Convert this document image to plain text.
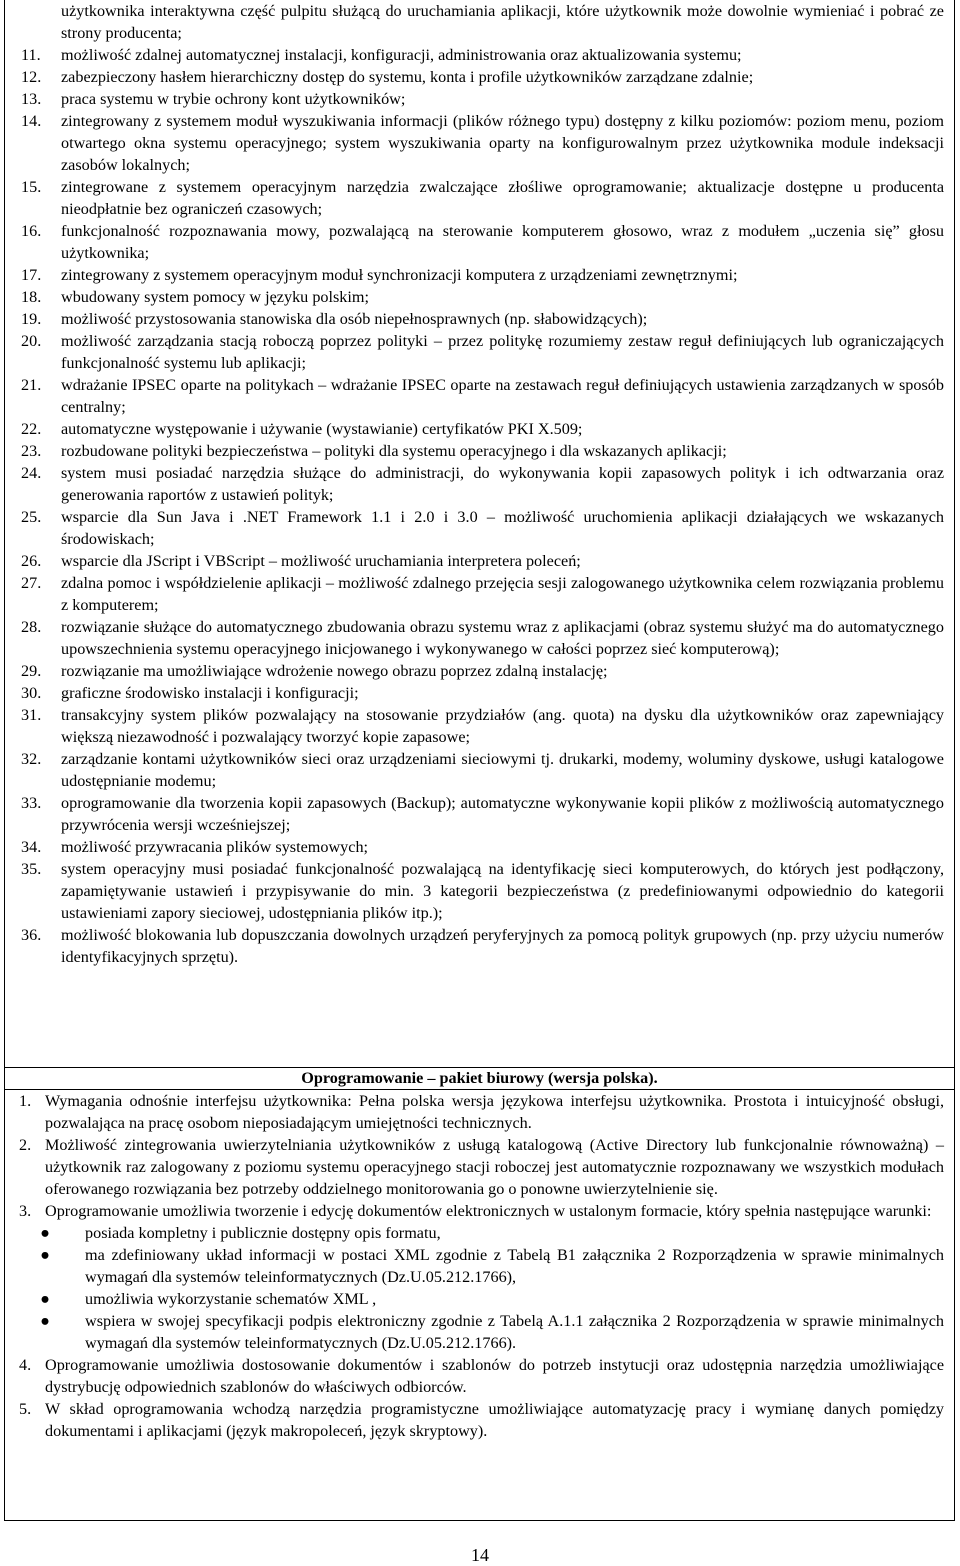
użytkownika interaktywna część pulpitu służącą do uruchamiania aplikacji, które użytkownik może dowolnie wymieniać i pobrać ze strony producenta;
11.	możliwość zdalnej automatycznej instalacji, konfiguracji, administrowania oraz aktualizowania systemu;
12.	zabezpieczony hasłem hierarchiczny dostęp do systemu, konta i profile użytkowników zarządzane zdalnie;
13.	praca systemu w trybie ochrony kont użytkowników;
14.	zintegrowany z systemem moduł wyszukiwania informacji (plików różnego typu) dostępny z kilku poziomów: poziom menu, poziom otwartego okna systemu operacyjnego; system wyszukiwania oparty na konfigurowalnym przez użytkownika module indeksacji zasobów lokalnych;
15.	zintegrowane z systemem operacyjnym narzędzia zwalczające złośliwe oprogramowanie; aktualizacje dostępne u producenta nieodpłatnie bez ograniczeń czasowych;
16.	funkcjonalność rozpoznawania mowy, pozwalającą na sterowanie komputerem głosowo, wraz z modułem „uczenia się” głosu użytkownika;
17.	zintegrowany z systemem operacyjnym moduł synchronizacji komputera z urządzeniami zewnętrznymi;
18.	wbudowany system pomocy w języku polskim;
19.	możliwość przystosowania stanowiska dla osób niepełnosprawnych (np. słabowidzących);
20.	możliwość zarządzania stacją roboczą poprzez polityki – przez politykę rozumiemy zestaw reguł definiujących lub ograniczających funkcjonalność systemu lub aplikacji;
21.	wdrażanie IPSEC oparte na politykach – wdrażanie IPSEC oparte na zestawach reguł definiujących ustawienia zarządzanych w sposób centralny;
22.	automatyczne występowanie i używanie (wystawianie) certyfikatów PKI X.509;
23.	rozbudowane polityki bezpieczeństwa – polityki dla systemu operacyjnego i dla wskazanych aplikacji;
24.	system musi posiadać narzędzia służące do administracji, do wykonywania kopii zapasowych polityk i ich odtwarzania oraz generowania raportów z ustawień polityk;
25.	wsparcie dla Sun Java i .NET Framework 1.1 i 2.0 i 3.0 – możliwość uruchomienia aplikacji działających we wskazanych środowiskach;
26.	wsparcie dla JScript i VBScript – możliwość uruchamiania interpretera poleceń;
27.	zdalna pomoc i współdzielenie aplikacji – możliwość zdalnego przejęcia sesji zalogowanego użytkownika celem rozwiązania problemu z komputerem;
28.	rozwiązanie służące do automatycznego zbudowania obrazu systemu wraz z aplikacjami (obraz systemu służyć ma do automatycznego upowszechnienia systemu operacyjnego inicjowanego i wykonywanego w całości poprzez sieć komputerową);
29.	rozwiązanie ma umożliwiające wdrożenie nowego obrazu poprzez zdalną instalację;
30.	graficzne środowisko instalacji i konfiguracji;
31.	transakcyjny system plików pozwalający na stosowanie przydziałów (ang. quota) na dysku dla użytkowników oraz zapewniający większą niezawodność i pozwalający tworzyć kopie zapasowe;
32.	zarządzanie kontami użytkowników sieci oraz urządzeniami sieciowymi tj. drukarki, modemy, woluminy dyskowe, usługi katalogowe udostępnianie modemu;
33.	oprogramowanie dla tworzenia kopii zapasowych (Backup); automatyczne wykonywanie kopii plików z możliwością automatycznego przywrócenia wersji wcześniejszej;
34.	możliwość przywracania plików systemowych;
35.	system operacyjny musi posiadać funkcjonalność pozwalającą na identyfikację sieci komputerowych, do których jest podłączony, zapamiętywanie ustawień i przypisywanie do min. 3 kategorii bezpieczeństwa (z predefiniowanymi odpowiednio do kategorii ustawieniami zapory sieciowej, udostępniania plików itp.);
36.	możliwość blokowania lub dopuszczania dowolnych urządzeń peryferyjnych za pomocą polityk grupowych (np. przy użyciu numerów identyfikacyjnych sprzętu).
Oprogramowanie – pakiet biurowy (wersja polska).
1. Wymagania odnośnie interfejsu użytkownika: Pełna polska wersja językowa interfejsu użytkownika. Prostota i intuicyjność obsługi, pozwalająca na pracę osobom nieposiadającym umiejętności technicznych.
2. Możliwość zintegrowania uwierzytelniania użytkowników z usługą katalogową (Active Directory lub funkcjonalnie równoważną) – użytkownik raz zalogowany z poziomu systemu operacyjnego stacji roboczej jest automatycznie rozpoznawany we wszystkich modułach oferowanego rozwiązania bez potrzeby oddzielnego monitorowania go o ponowne uwierzytelnienie się.
3. Oprogramowanie umożliwia tworzenie i edycję dokumentów elektronicznych w ustalonym formacie, który spełnia następujące warunki:
●	posiada kompletny i publicznie dostępny opis formatu,
●	ma zdefiniowany układ informacji w postaci XML zgodnie z Tabelą B1 załącznika 2 Rozporządzenia w sprawie minimalnych wymagań dla systemów teleinformatycznych (Dz.U.05.212.1766),
●	umożliwia wykorzystanie schematów XML ,
●	wspiera w swojej specyfikacji podpis elektroniczny zgodnie z Tabelą A.1.1 załącznika 2 Rozporządzenia w sprawie minimalnych wymagań dla systemów teleinformatycznych (Dz.U.05.212.1766).
4. Oprogramowanie umożliwia dostosowanie dokumentów i szablonów do potrzeb instytucji oraz udostępnia narzędzia umożliwiające dystrybucję odpowiednich szablonów do właściwych odbiorców.
5. W skład oprogramowania wchodzą narzędzia programistyczne umożliwiające automatyzację pracy i wymianę danych pomiędzy dokumentami i aplikacjami (język makropoleceń, język skryptowy).
14
